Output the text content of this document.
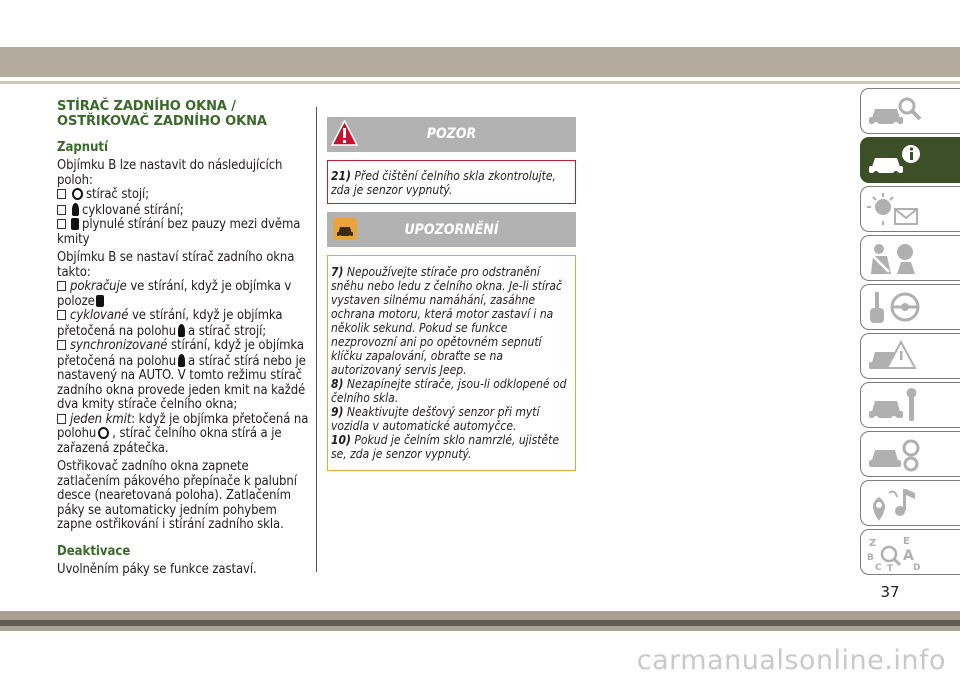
STÍRAČ ZADNÍHO OKNA /
OSTŘIKOVAČ ZADNÍHO OKNA
Zapnutí
Objímku B lze nastavit do následujících poloh:
stírač stojí;
cyklované stírání;
plynulé stírání bez pauzy mezi dvěma kmity
Objímku B se nastaví stírač zadního okna takto:
pokračuje ve stírání, když je objímka v poloze
cyklované ve stírání, když je objímka přetočená na polohu a stírač strojí;
synchronizované stírání, když je objímka přetočená na polohu a stírač stírá nebo je nastavený na AUTO. V tomto režimu stírač zadního okna provede jeden kmit na každé dva kmity stírače čelního okna;
jeden kmit: když je objímka přetočená na polohu , stírač čelního okna stírá a je zařazená zpátečka.
Ostřikovač zadního okna zapnete zatlačením pákového přepínače k palubní desce (nearetovaná poloha). Zatlačením páky se automaticky jedním pohybem zapne ostřikování i stírání zadního skla.
Deaktivace
Uvolněním páky se funkce zastaví.
POZOR
21) Před čištění čelního skla zkontrolujte, zda je senzor vypnutý.
UPOZORNĚNÍ
7) Nepoužívejte stírače pro odstranění sněhu nebo ledu z čelního okna. Je-li stírač vystaven silnému namáhání, zasáhne ochrana motoru, která motor zastaví i na několik sekund. Pokud se funkce nezprovozní ani po opětovném sepnutí klíčku zapalování, obraťte se na autorizovaný servis Jeep.
8) Nezapínejte stírače, jsou-li odklopené od čelního skla.
9) Neaktivujte dešťový senzor při mytí vozidla v automatické automyčce.
10) Pokud je čelním sklo namrzlé, ujistěte se, zda je senzor vypnutý.
Z	E
B A
C T D
37
carmanualsonline.info
